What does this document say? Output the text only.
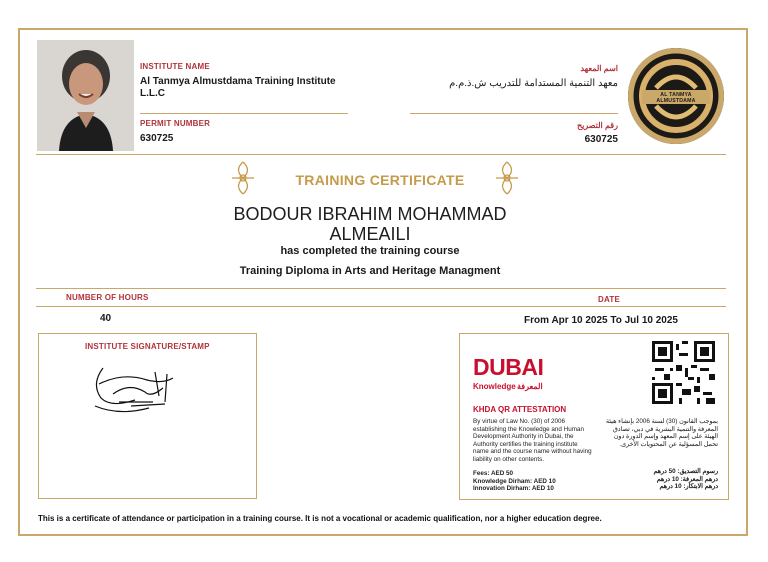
INSTITUTE NAME
Al Tanmya Almustdama Training Institute L.L.C
PERMIT NUMBER
630725
اسم المعهد
معهد التنمية المستدامة للتدريب ش.ذ.م.م
رقم التصريح
630725
AL TANMYA ALMUSTDAMA
TRAINING CERTIFICATE
BODOUR IBRAHIM MOHAMMAD
ALMEAILI
has completed the training course
Training Diploma in Arts and Heritage Managment
NUMBER OF HOURS	DATE
40	From Apr 10 2025 To Jul 10 2025
INSTITUTE SIGNATURE/STAMP
DUBAI
Knowledge المعرفة
KHDA QR ATTESTATION
By virtue of Law No. (30) of 2006 establishing the Knowledge and Human Development Authority in Dubai, the Authority certifies the training institute name and the course name without having liability on other contents.
بموجب القانون (30) لسنة 2006 بإنشاء هيئة المعرفة والتنمية البشرية في دبي، تصادق الهيئة على إسم المعهد وإسم الدورة دون تحمل المسؤلية عن المحتويات الأخرى.
Fees: AED 50
Knowledge Dirham: AED 10
Innovation Dirham: AED 10
رسوم التصديق: 50 درهم
درهم المعرفة: 10 درهم
درهم الابتكار: 10 درهم
This is a certificate of attendance or participation in a training course. It is not a vocational or academic qualification, nor a higher education degree.
